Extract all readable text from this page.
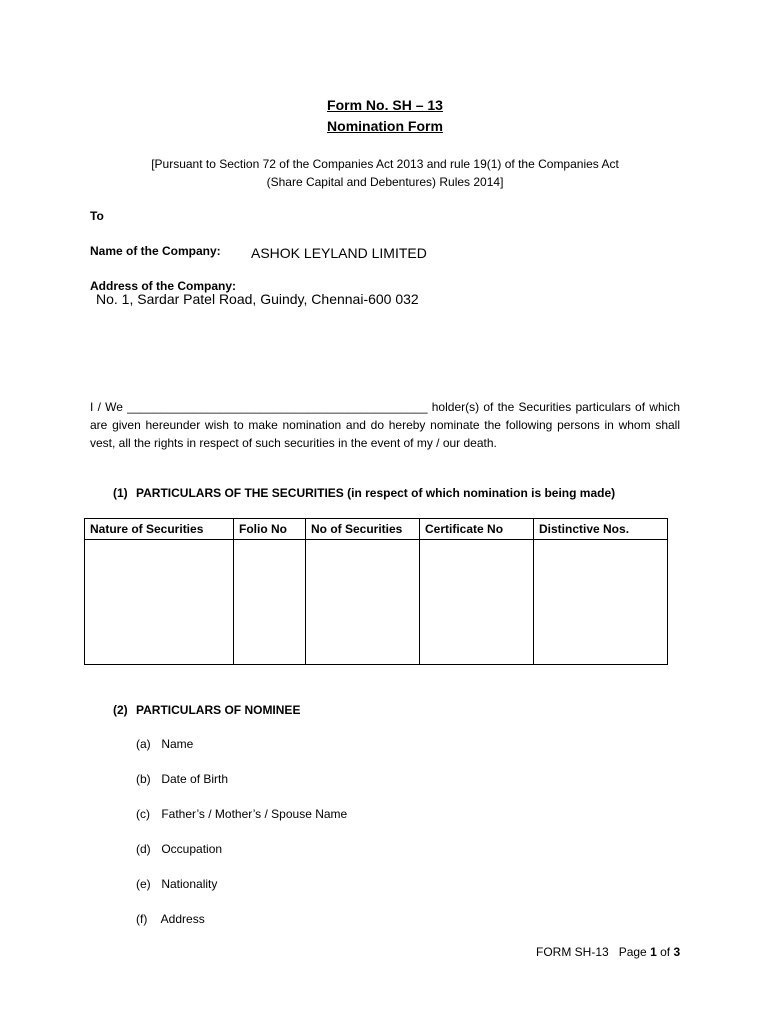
Form No. SH – 13
Nomination Form
[Pursuant to Section 72 of the Companies Act 2013 and rule 19(1) of the Companies Act
(Share Capital and Debentures) Rules 2014]
To
Name of the Company: ASHOK LEYLAND LIMITED
Address of the Company:
No. 1, Sardar Patel Road, Guindy, Chennai-600 032
I / We _____________________________________________ holder(s) of the Securities particulars of which are given hereunder wish to make nomination and do hereby nominate the following persons in whom shall vest, all the rights in respect of such securities in the event of my / our death.
(1) PARTICULARS OF THE SECURITIES (in respect of which nomination is being made)
Nature of Securities	Folio No	No of Securities	Certificate No	Distinctive Nos.

(2) PARTICULARS OF NOMINEE
(a) Name
(b) Date of Birth
(c) Father’s / Mother’s / Spouse Name
(d) Occupation
(e) Nationality
(f) Address
FORM SH-13 Page 1 of 3
